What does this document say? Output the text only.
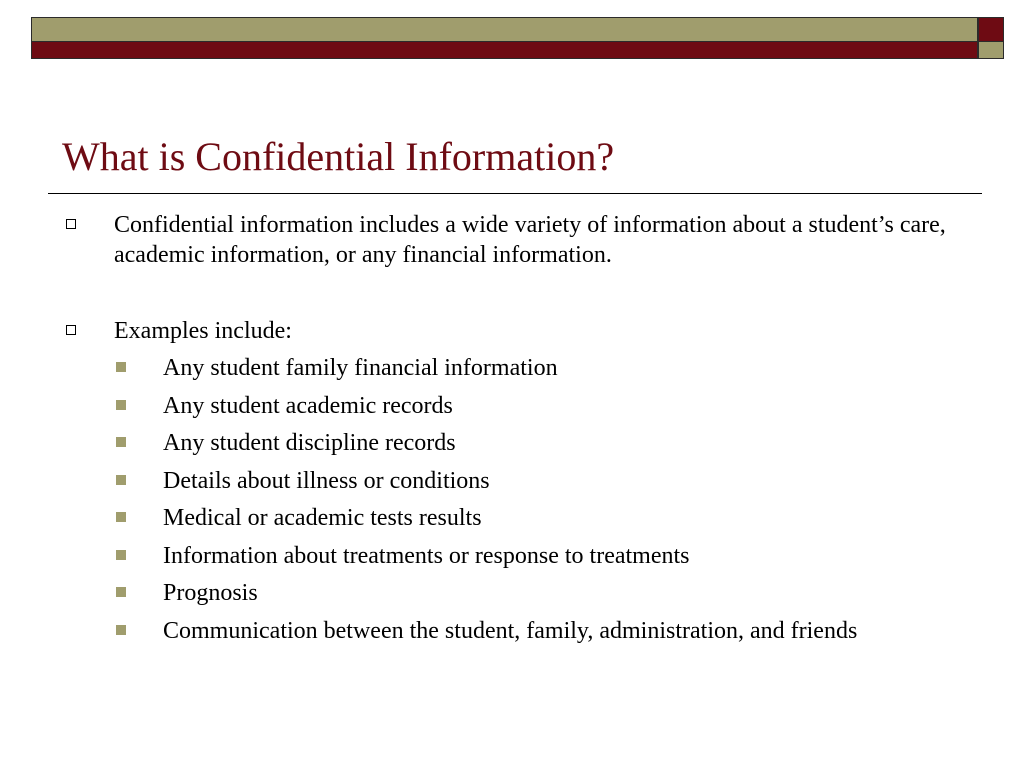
What is Confidential Information?
Confidential information includes a wide variety of information about a student’s care, academic information, or any financial information.
Examples include:
Any student family financial information
Any student academic records
Any student discipline records
Details about illness or conditions
Medical or academic tests results
Information about treatments or response to treatments
Prognosis
Communication between the student, family, administration, and friends
